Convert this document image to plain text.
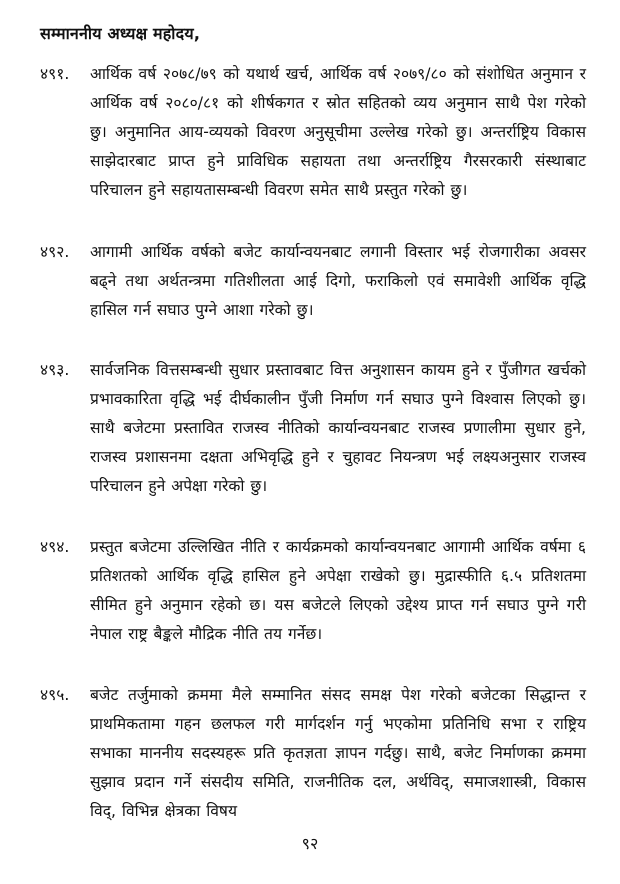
सम्माननीय अध्यक्ष महोदय,
४९१.	आर्थिक वर्ष २०७८/७९ को यथार्थ खर्च, आर्थिक वर्ष २०७९/८० को संशोधित अनुमान र आर्थिक वर्ष २०८०/८१ को शीर्षकगत र स्रोत सहितको व्यय अनुमान साथै पेश गरेको छु। अनुमानित आय-व्ययको विवरण अनुसूचीमा उल्लेख गरेको छु। अन्तर्राष्ट्रिय विकास साझेदारबाट प्राप्त हुने प्राविधिक सहायता तथा अन्तर्राष्ट्रिय गैरसरकारी संस्थाबाट परिचालन हुने सहायतासम्बन्धी विवरण समेत साथै प्रस्तुत गरेको छु।
४९२.	आगामी आर्थिक वर्षको बजेट कार्यान्वयनबाट लगानी विस्तार भई रोजगारीका अवसर बढ्ने तथा अर्थतन्त्रमा गतिशीलता आई दिगो, फराकिलो एवं समावेशी आर्थिक वृद्धि हासिल गर्न सघाउ पुग्ने आशा गरेको छु।
४९३.	सार्वजनिक वित्तसम्बन्धी सुधार प्रस्तावबाट वित्त अनुशासन कायम हुने र पुँजीगत खर्चको प्रभावकारिता वृद्धि भई दीर्घकालीन पुँजी निर्माण गर्न सघाउ पुग्ने विश्वास लिएको छु। साथै बजेटमा प्रस्तावित राजस्व नीतिको कार्यान्वयनबाट राजस्व प्रणालीमा सुधार हुने, राजस्व प्रशासनमा दक्षता अभिवृद्धि हुने र चुहावट नियन्त्रण भई लक्ष्यअनुसार राजस्व परिचालन हुने अपेक्षा गरेको छु।
४९४.	प्रस्तुत बजेटमा उल्लिखित नीति र कार्यक्रमको कार्यान्वयनबाट आगामी आर्थिक वर्षमा ६ प्रतिशतको आर्थिक वृद्धि हासिल हुने अपेक्षा राखेको छु। मुद्रास्फीति ६.५ प्रतिशतमा सीमित हुने अनुमान रहेको छ। यस बजेटले लिएको उद्देश्य प्राप्त गर्न सघाउ पुग्ने गरी नेपाल राष्ट्र बैङ्कले मौद्रिक नीति तय गर्नेछ।
४९५.	बजेट तर्जुमाको क्रममा मैले सम्मानित संसद समक्ष पेश गरेको बजेटका सिद्धान्त र प्राथमिकतामा गहन छलफल गरी मार्गदर्शन गर्नु भएकोमा प्रतिनिधि सभा र राष्ट्रिय सभाका माननीय सदस्यहरू प्रति कृतज्ञता ज्ञापन गर्दछु। साथै, बजेट निर्माणका क्रममा सुझाव प्रदान गर्ने संसदीय समिति, राजनीतिक दल, अर्थविद्, समाजशास्त्री, विकास विद्, विभिन्न क्षेत्रका विषय
९२
